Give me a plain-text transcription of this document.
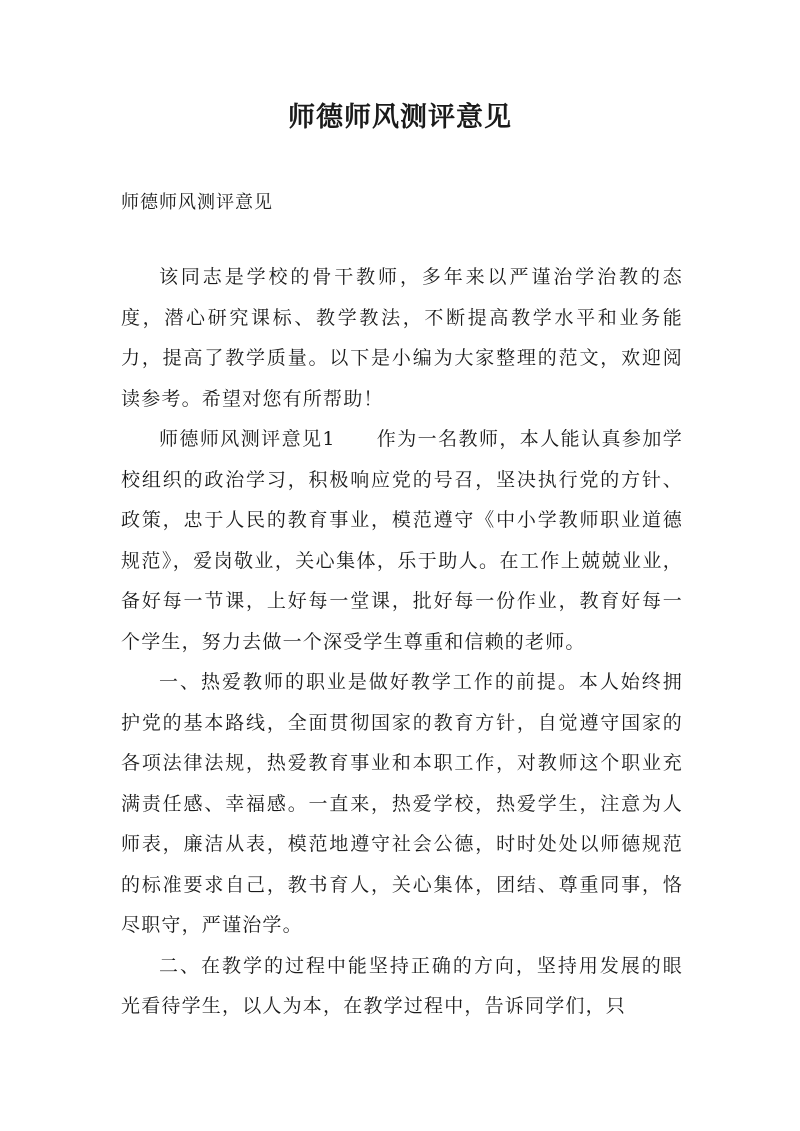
师德师风测评意见

师德师风测评意见

该同志是学校的骨干教师，多年来以严谨治学治教的态度，潜心研究课标、教学教法，不断提高教学水平和业务能力，提高了教学质量。以下是小编为大家整理的范文，欢迎阅读参考。希望对您有所帮助！

师德师风测评意见1　　作为一名教师，本人能认真参加学校组织的政治学习，积极响应党的号召，坚决执行党的方针、政策，忠于人民的教育事业，模范遵守《中小学教师职业道德规范》，爱岗敬业，关心集体，乐于助人。在工作上兢兢业业，备好每一节课，上好每一堂课，批好每一份作业，教育好每一个学生，努力去做一个深受学生尊重和信赖的老师。

一、热爱教师的职业是做好教学工作的前提。本人始终拥护党的基本路线，全面贯彻国家的教育方针，自觉遵守国家的各项法律法规，热爱教育事业和本职工作，对教师这个职业充满责任感、幸福感。一直来，热爱学校，热爱学生，注意为人师表，廉洁从表，模范地遵守社会公德，时时处处以师德规范的标准要求自己，教书育人，关心集体，团结、尊重同事，恪尽职守，严谨治学。

二、在教学的过程中能坚持正确的方向，坚持用发展的眼光看待学生，以人为本，在教学过程中，告诉同学们，只
